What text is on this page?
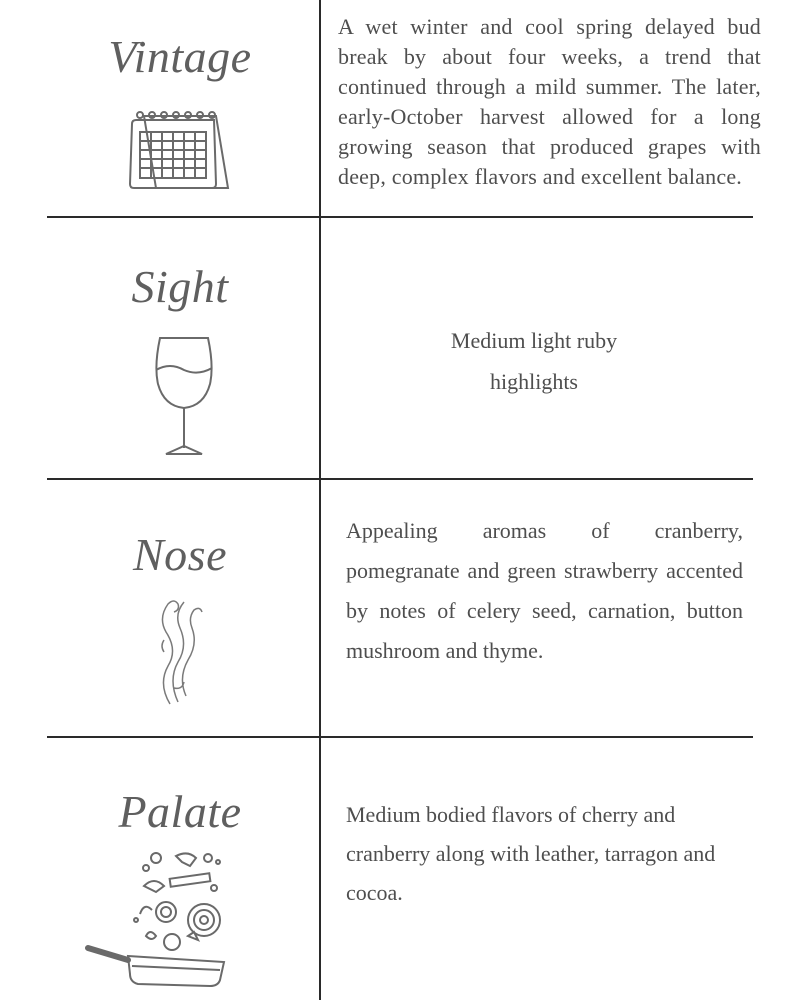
Vintage
A wet winter and cool spring delayed bud break by about four weeks, a trend that continued through a mild summer. The later, early-October harvest allowed for a long growing season that produced grapes with deep, complex flavors and excellent balance.
Sight
Medium light ruby
highlights
Nose	Appealing aromas of cranberry, pomegranate and green strawberry accented by notes of celery seed, carnation, button mushroom and thyme.
Palate	Medium bodied flavors of cherry and cranberry along with leather, tarragon and cocoa.
